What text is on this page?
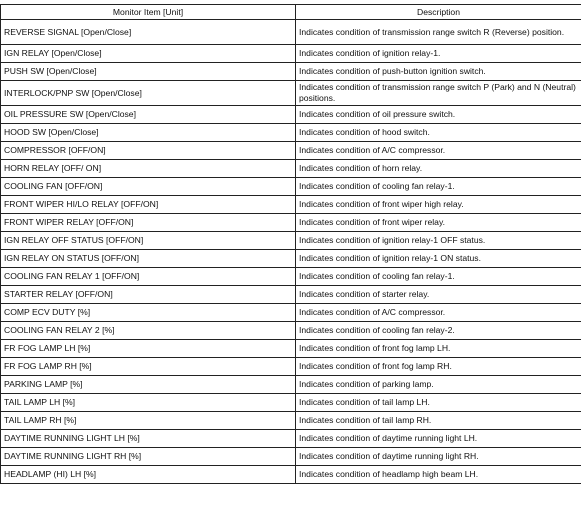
Monitor Item [Unit]	Description
REVERSE SIGNAL [Open/Close]	Indicates condition of transmission range switch R (Reverse) position.
IGN RELAY [Open/Close]	Indicates condition of ignition relay-1.
PUSH SW [Open/Close]	Indicates condition of push-button ignition switch.
INTERLOCK/PNP SW [Open/Close]	Indicates condition of transmission range switch P (Park) and N (Neutral) positions.
OIL PRESSURE SW [Open/Close]	Indicates condition of oil pressure switch.
HOOD SW [Open/Close]	Indicates condition of hood switch.
COMPRESSOR [OFF/ON]	Indicates condition of A/C compressor.
HORN RELAY [OFF/ ON]	Indicates condition of horn relay.
COOLING FAN [OFF/ON]	Indicates condition of cooling fan relay-1.
FRONT WIPER HI/LO RELAY [OFF/ON]	Indicates condition of front wiper high relay.
FRONT WIPER RELAY [OFF/ON]	Indicates condition of front wiper relay.
IGN RELAY OFF STATUS [OFF/ON]	Indicates condition of ignition relay-1 OFF status.
IGN RELAY ON STATUS [OFF/ON]	Indicates condition of ignition relay-1 ON status.
COOLING FAN RELAY 1 [OFF/ON]	Indicates condition of cooling fan relay-1.
STARTER RELAY [OFF/ON]	Indicates condition of starter relay.
COMP ECV DUTY [%]	Indicates condition of A/C compressor.
COOLING FAN RELAY 2 [%]	Indicates condition of cooling fan relay-2.
FR FOG LAMP LH [%]	Indicates condition of front fog lamp LH.
FR FOG LAMP RH [%]	Indicates condition of front fog lamp RH.
PARKING LAMP [%]	Indicates condition of parking lamp.
TAIL LAMP LH [%]	Indicates condition of tail lamp LH.
TAIL LAMP RH [%]	Indicates condition of tail lamp RH.
DAYTIME RUNNING LIGHT LH [%]	Indicates condition of daytime running light LH.
DAYTIME RUNNING LIGHT RH [%]	Indicates condition of daytime running light RH.
HEADLAMP (HI) LH [%]	Indicates condition of headlamp high beam LH.
